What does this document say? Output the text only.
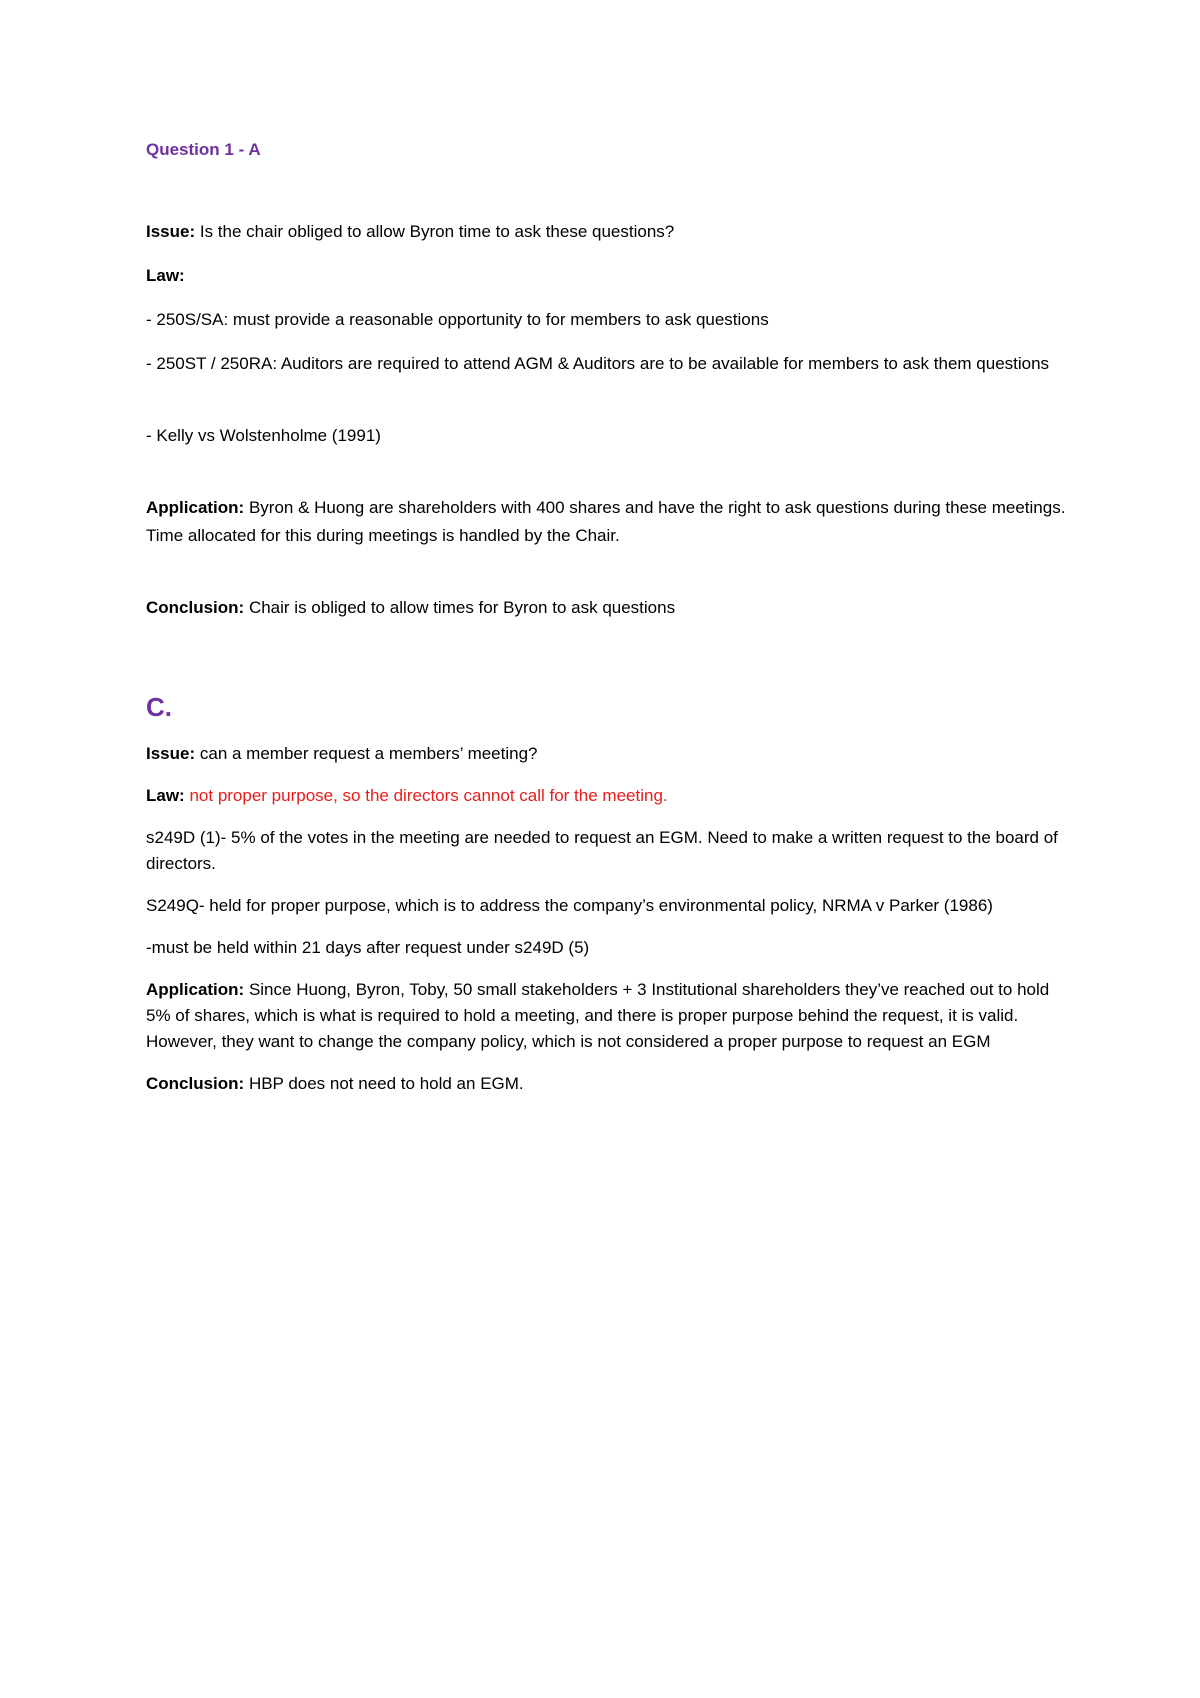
Question 1 - A

Issue: Is the chair obliged to allow Byron time to ask these questions?

Law:

- 250S/SA: must provide a reasonable opportunity to for members to ask questions

- 250ST / 250RA: Auditors are required to attend AGM & Auditors are to be available for members to ask them questions

- Kelly vs Wolstenholme (1991)

Application: Byron & Huong are shareholders with 400 shares and have the right to ask questions during these meetings. Time allocated for this during meetings is handled by the Chair.

Conclusion: Chair is obliged to allow times for Byron to ask questions

C.

Issue: can a member request a members’ meeting?

Law: not proper purpose, so the directors cannot call for the meeting.

s249D (1)- 5% of the votes in the meeting are needed to request an EGM. Need to make a written request to the board of directors.

S249Q- held for proper purpose, which is to address the company’s environmental policy, NRMA v Parker (1986)

-must be held within 21 days after request under s249D (5)

Application: Since Huong, Byron, Toby, 50 small stakeholders + 3 Institutional shareholders they’ve reached out to hold 5% of shares, which is what is required to hold a meeting, and there is proper purpose behind the request, it is valid. However, they want to change the company policy, which is not considered a proper purpose to request an EGM

Conclusion: HBP does not need to hold an EGM.
